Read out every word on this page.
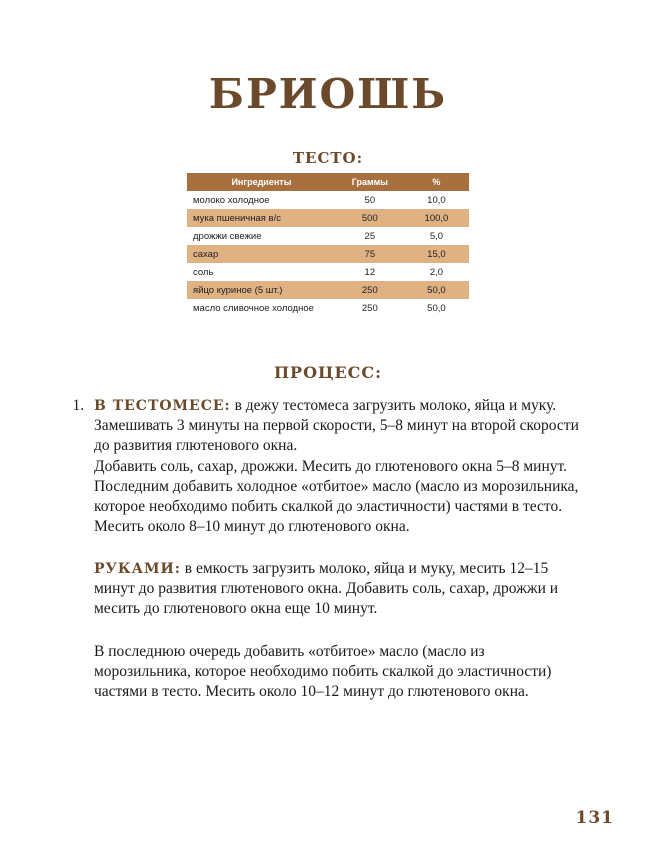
БРИОШЬ
ТЕСТО:
Ингредиенты	Граммы	%
молоко холодное	50	10,0
мука пшеничная в/с	500	100,0
дрожжи свежие	25	5,0
сахар	75	15,0
соль	12	2,0
яйцо куриное (5 шт.)	250	50,0
масло сливочное холодное	250	50,0
ПРОЦЕСС:

1. В ТЕСТОМЕСЕ: в дежу тестомеса загрузить молоко, яйца и муку. Замешивать 3 минуты на первой скорости, 5–8 минут на второй скорости до развития глютенового окна.

Добавить соль, сахар, дрожжи. Месить до глютенового окна 5–8 минут.

Последним добавить холодное «отбитое» масло (масло из морозильника, которое необходимо побить скалкой до эластичности) частями в тесто. Месить около 8–10 минут до глютенового окна.

РУКАМИ: в емкость загрузить молоко, яйца и муку, месить 12–15 минут до развития глютенового окна. Добавить соль, сахар, дрожжи и месить до глютенового окна еще 10 минут.

В последнюю очередь добавить «отбитое» масло (масло из морозильника, которое необходимо побить скалкой до эластичности) частями в тесто. Месить около 10–12 минут до глютенового окна.

131
